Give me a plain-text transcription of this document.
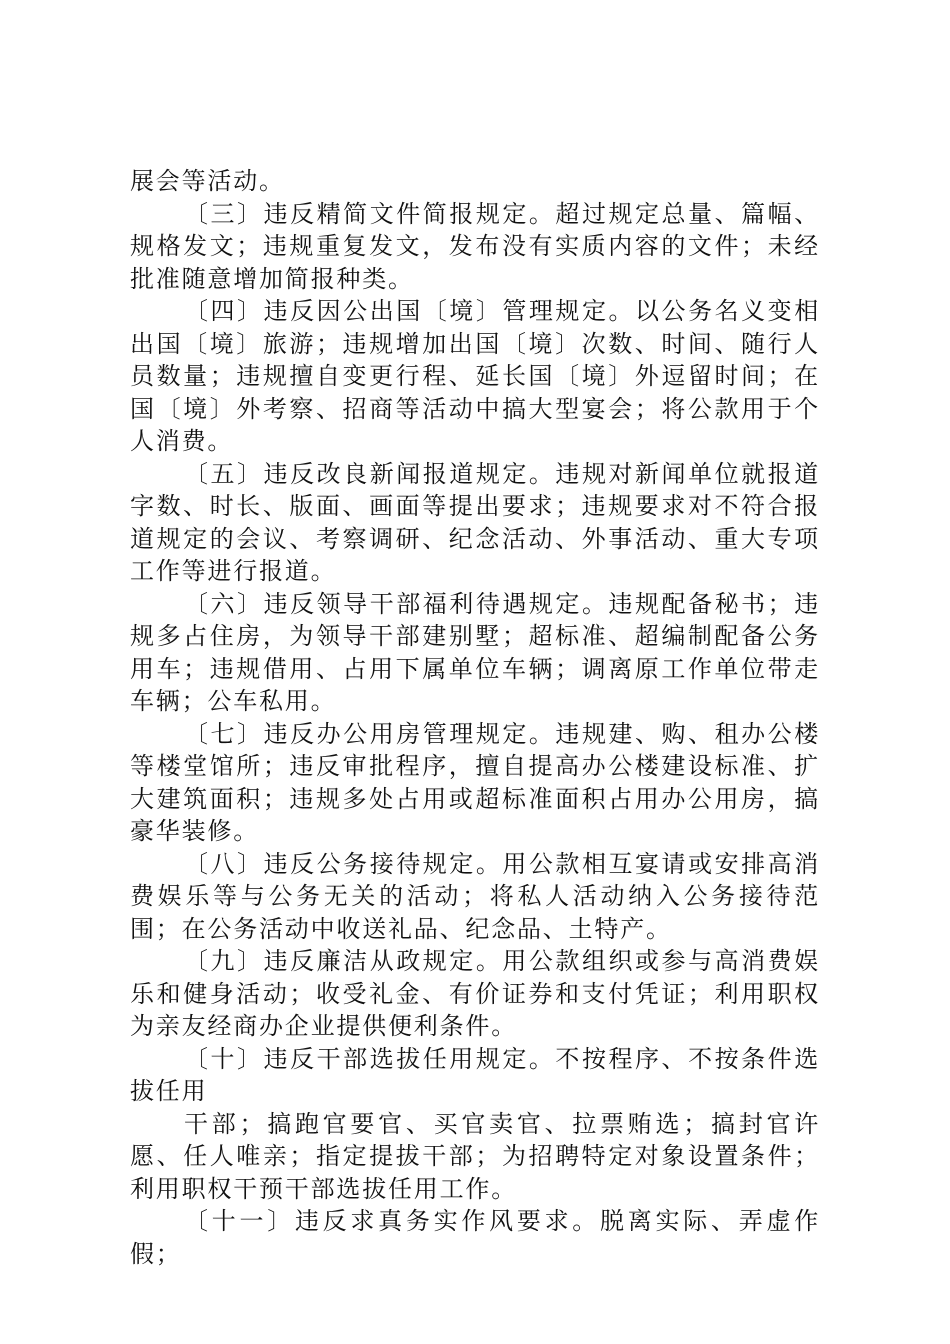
展会等活动。

〔三〕违反精简文件简报规定。超过规定总量、篇幅、规格发文；违规重复发文，发布没有实质内容的文件；未经批准随意增加简报种类。

〔四〕违反因公出国〔境〕管理规定。以公务名义变相出国〔境〕旅游；违规增加出国〔境〕次数、时间、随行人员数量；违规擅自变更行程、延长国〔境〕外逗留时间；在国〔境〕外考察、招商等活动中搞大型宴会；将公款用于个人消费。

〔五〕违反改良新闻报道规定。违规对新闻单位就报道字数、时长、版面、画面等提出要求；违规要求对不符合报道规定的会议、考察调研、纪念活动、外事活动、重大专项工作等进行报道。

〔六〕违反领导干部福利待遇规定。违规配备秘书；违规多占住房，为领导干部建别墅；超标准、超编制配备公务用车；违规借用、占用下属单位车辆；调离原工作单位带走车辆；公车私用。

〔七〕违反办公用房管理规定。违规建、购、租办公楼等楼堂馆所；违反审批程序，擅自提高办公楼建设标准、扩大建筑面积；违规多处占用或超标准面积占用办公用房，搞豪华装修。

〔八〕违反公务接待规定。用公款相互宴请或安排高消费娱乐等与公务无关的活动；将私人活动纳入公务接待范围；在公务活动中收送礼品、纪念品、土特产。

〔九〕违反廉洁从政规定。用公款组织或参与高消费娱乐和健身活动；收受礼金、有价证券和支付凭证；利用职权为亲友经商办企业提供便利条件。

〔十〕违反干部选拔任用规定。不按程序、不按条件选拔任用

干部；搞跑官要官、买官卖官、拉票贿选；搞封官许愿、任人唯亲；指定提拔干部；为招聘特定对象设置条件；利用职权干预干部选拔任用工作。

〔十一〕违反求真务实作风要求。脱离实际、弄虚作假；
